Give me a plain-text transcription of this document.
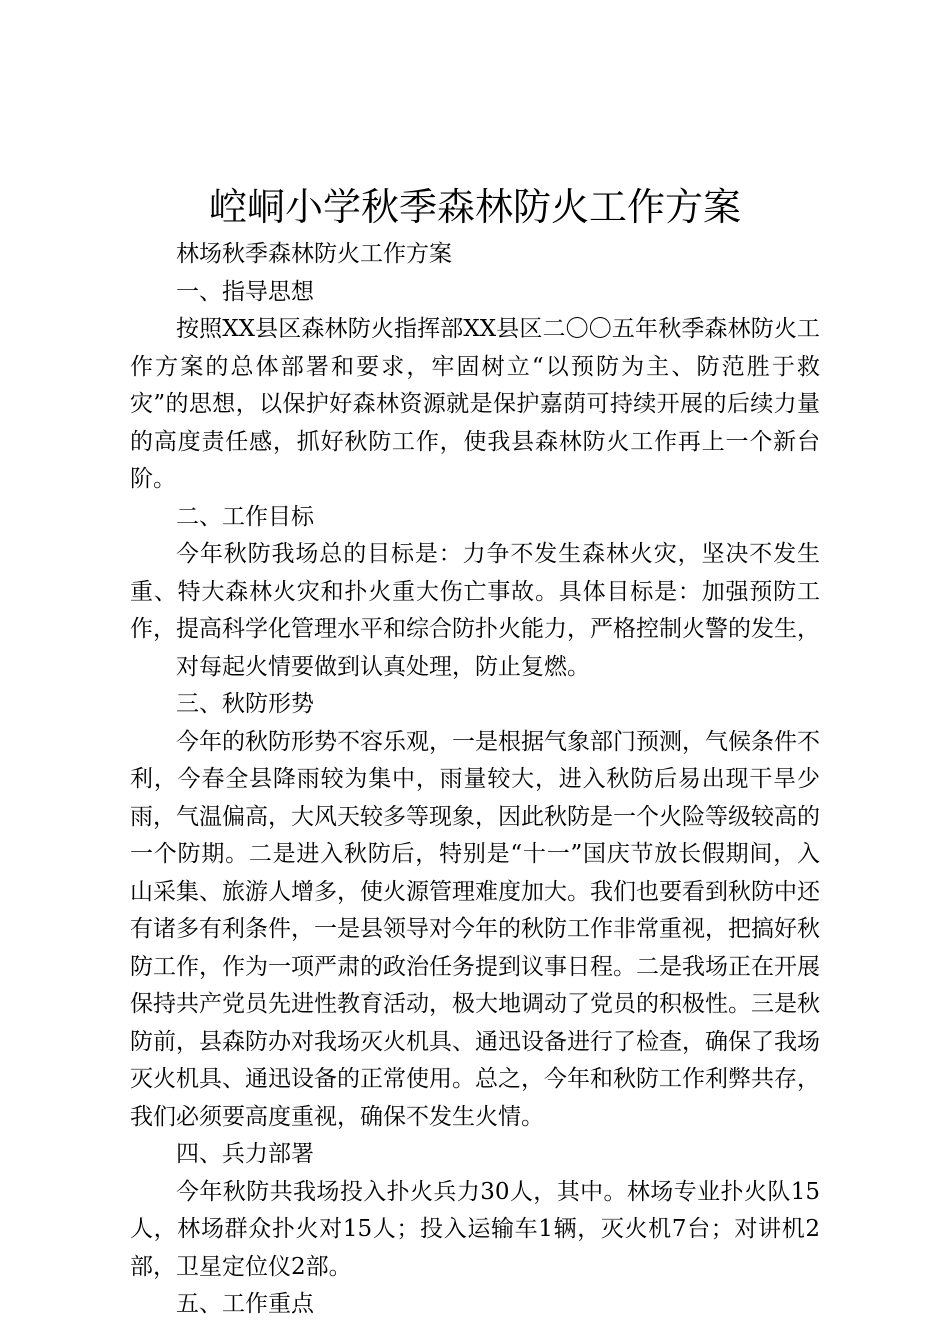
崆峒小学秋季森林防火工作方案

林场秋季森林防火工作方案

一、指导思想

按照XX县区森林防火指挥部XX县区二〇〇五年秋季森林防火工作方案的总体部署和要求，牢固树立“以预防为主、防范胜于救灾”的思想，以保护好森林资源就是保护嘉荫可持续开展的后续力量的高度责任感，抓好秋防工作，使我县森林防火工作再上一个新台阶。

二、工作目标

今年秋防我场总的目标是：力争不发生森林火灾，坚决不发生重、特大森林火灾和扑火重大伤亡事故。具体目标是：加强预防工作，提高科学化管理水平和综合防扑火能力，严格控制火警的发生，

对每起火情要做到认真处理，防止复燃。

三、秋防形势

今年的秋防形势不容乐观，一是根据气象部门预测，气候条件不利，今春全县降雨较为集中，雨量较大，进入秋防后易出现干旱少雨，气温偏高，大风天较多等现象，因此秋防是一个火险等级较高的一个防期。二是进入秋防后，特别是“十一”国庆节放长假期间，入山采集、旅游人增多，使火源管理难度加大。我们也要看到秋防中还有诸多有利条件，一是县领导对今年的秋防工作非常重视，把搞好秋防工作，作为一项严肃的政治任务提到议事日程。二是我场正在开展保持共产党员先进性教育活动，极大地调动了党员的积极性。三是秋防前，县森防办对我场灭火机具、通迅设备进行了检查，确保了我场灭火机具、通迅设备的正常使用。总之，今年和秋防工作利弊共存，我们必须要高度重视，确保不发生火情。

四、兵力部署

今年秋防共我场投入扑火兵力30人，其中。林场专业扑火队15人，林场群众扑火对15人；投入运输车1辆，灭火机7台；对讲机2部，卫星定位仪2部。

五、工作重点
